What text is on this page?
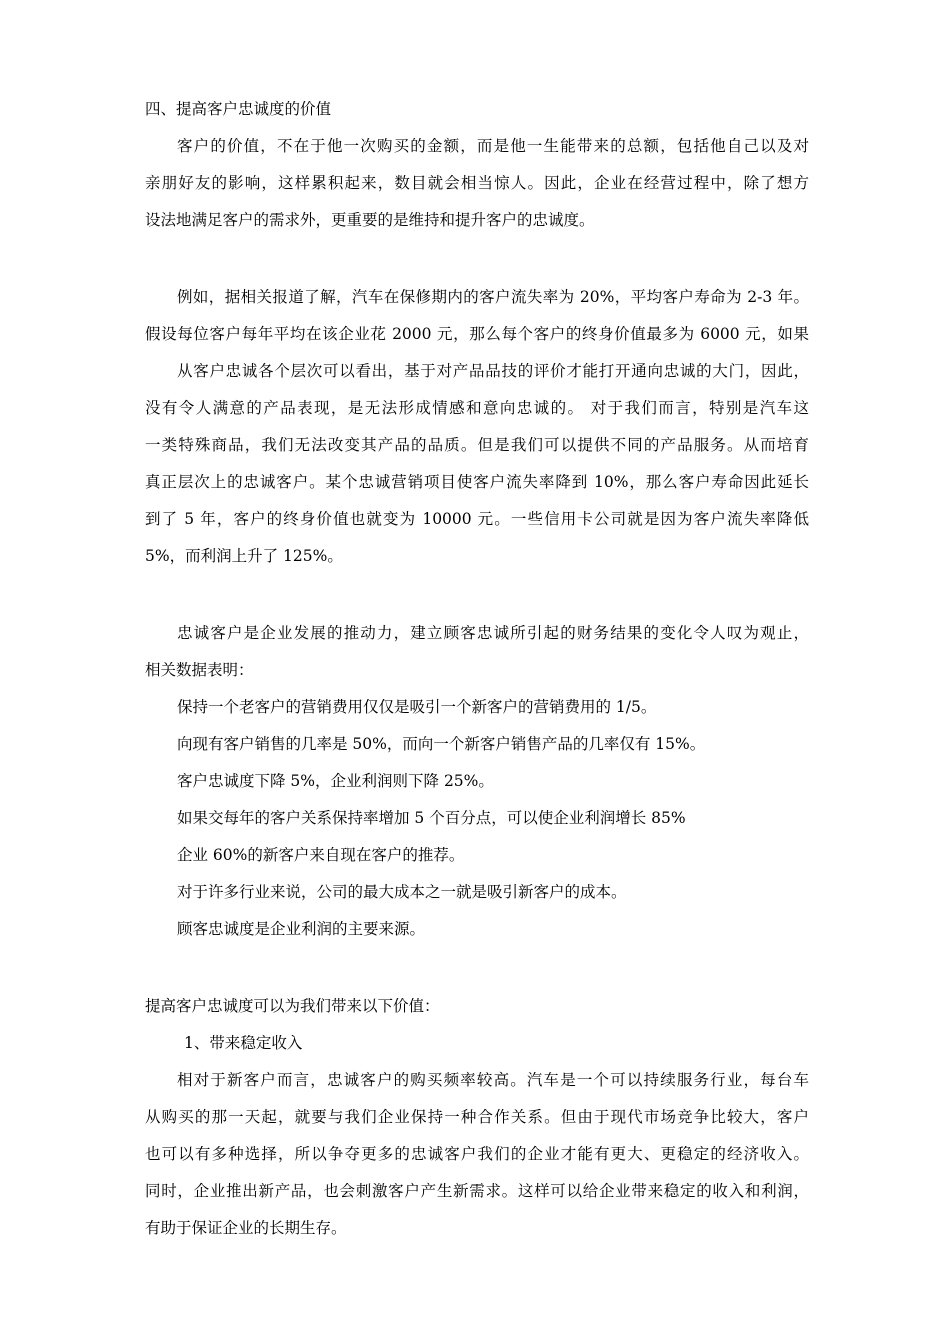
四、提高客户忠诚度的价值
客户的价值，不在于他一次购买的金额，而是他一生能带来的总额，包括他自己以及对
亲朋好友的影响，这样累积起来，数目就会相当惊人。因此，企业在经营过程中，除了想方
设法地满足客户的需求外，更重要的是维持和提升客户的忠诚度。
例如，据相关报道了解，汽车在保修期内的客户流失率为 20%，平均客户寿命为 2-3 年。
假设每位客户每年平均在该企业花 2000 元，那么每个客户的终身价值最多为 6000 元，如果
从客户忠诚各个层次可以看出，基于对产品品技的评价才能打开通向忠诚的大门，因此，
没有令人满意的产品表现，是无法形成情感和意向忠诚的。 对于我们而言，特别是汽车这
一类特殊商品，我们无法改变其产品的品质。但是我们可以提供不同的产品服务。从而培育
真正层次上的忠诚客户。某个忠诚营销项目使客户流失率降到 10%，那么客户寿命因此延长
到了 5 年，客户的终身价值也就变为 10000 元。一些信用卡公司就是因为客户流失率降低
5%，而利润上升了 125%。
忠诚客户是企业发展的推动力，建立顾客忠诚所引起的财务结果的变化令人叹为观止，
相关数据表明：
保持一个老客户的营销费用仅仅是吸引一个新客户的营销费用的 1/5。
向现有客户销售的几率是 50%，而向一个新客户销售产品的几率仅有 15%。
客户忠诚度下降 5%，企业利润则下降 25%。
如果交每年的客户关系保持率增加 5 个百分点，可以使企业利润增长 85%
企业 60%的新客户来自现在客户的推荐。
对于许多行业来说，公司的最大成本之一就是吸引新客户的成本。
顾客忠诚度是企业利润的主要来源。
提高客户忠诚度可以为我们带来以下价值：
1、带来稳定收入
相对于新客户而言，忠诚客户的购买频率较高。汽车是一个可以持续服务行业，每台车
从购买的那一天起，就要与我们企业保持一种合作关系。但由于现代市场竞争比较大，客户
也可以有多种选择，所以争夺更多的忠诚客户我们的企业才能有更大、更稳定的经济收入。
同时，企业推出新产品，也会刺激客户产生新需求。这样可以给企业带来稳定的收入和利润，
有助于保证企业的长期生存。
